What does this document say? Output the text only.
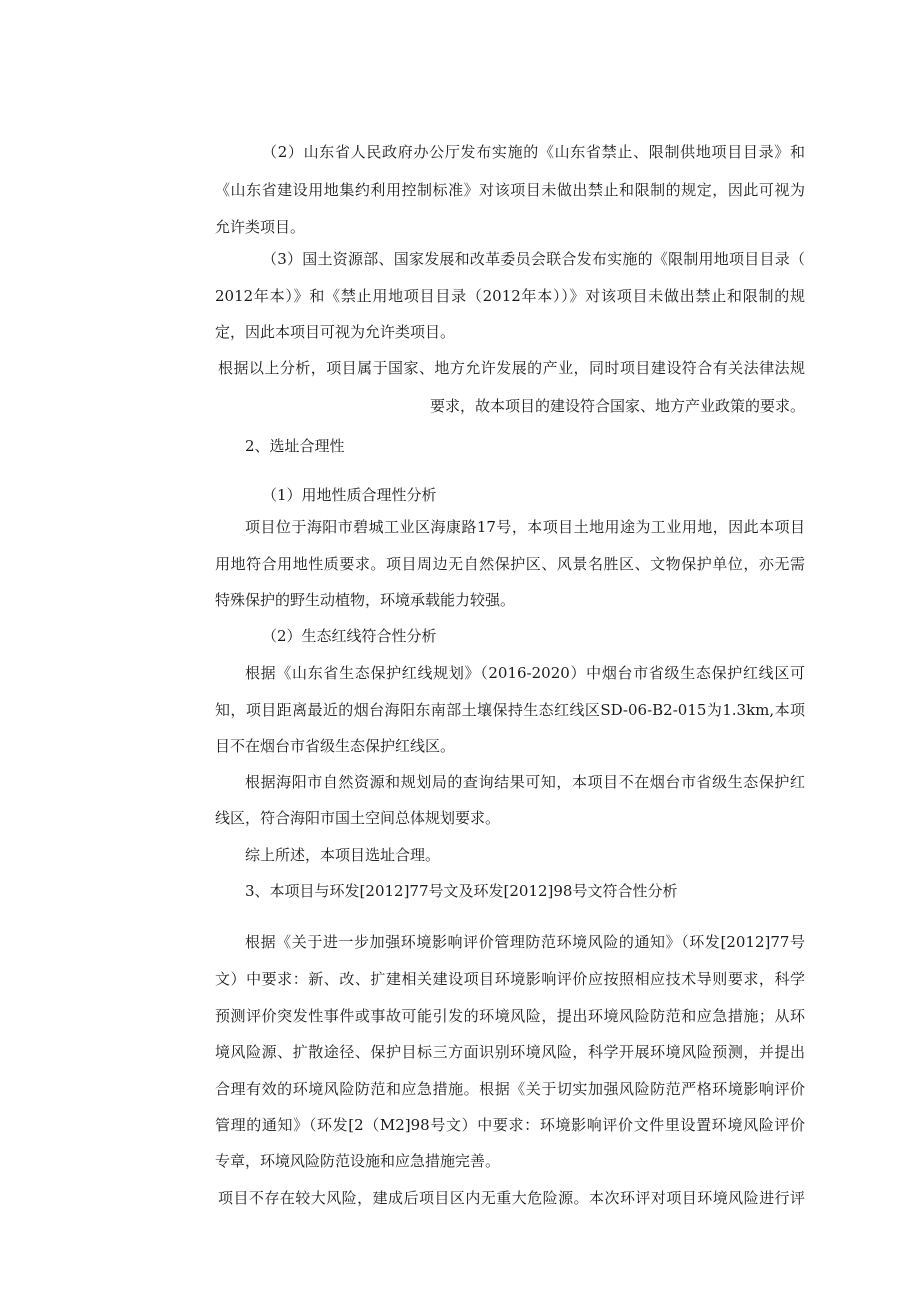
（2）山东省人民政府办公厅发布实施的《山东省禁止、限制供地项目目录》和
《山东省建设用地集约利用控制标准》对该项目未做出禁止和限制的规定，因此可视为
允许类项目。
（3）国土资源部、国家发展和改革委员会联合发布实施的《限制用地项目目录（
2012年本）》和《禁止用地项目目录（2012年本））》对该项目未做出禁止和限制的规
定，因此本项目可视为允许类项目。
根据以上分析，项目属于国家、地方允许发展的产业，同时项目建设符合有关法律法规
要求，故本项目的建设符合国家、地方产业政策的要求。
2、选址合理性
（1）用地性质合理性分析
项目位于海阳市碧城工业区海康路17号，本项目土地用途为工业用地，因此本项目
用地符合用地性质要求。项目周边无自然保护区、风景名胜区、文物保护单位，亦无需
特殊保护的野生动植物，环境承载能力较强。
（2）生态红线符合性分析
根据《山东省生态保护红线规划》（2016-2020）中烟台市省级生态保护红线区可
知，项目距离最近的烟台海阳东南部土壤保持生态红线区SD-06-B2-015为1.3km,本项
目不在烟台市省级生态保护红线区。
根据海阳市自然资源和规划局的查询结果可知，本项目不在烟台市省级生态保护红
线区，符合海阳市国土空间总体规划要求。
综上所述，本项目选址合理。
3、本项目与环发[2012]77号文及环发[2012]98号文符合性分析
根据《关于进一步加强环境影响评价管理防范环境风险的通知》（环发[2012]77号
文）中要求：新、改、扩建相关建设项目环境影响评价应按照相应技术导则要求，科学
预测评价突发性事件或事故可能引发的环境风险，提出环境风险防范和应急措施；从环
境风险源、扩散途径、保护目标三方面识别环境风险，科学开展环境风险预测，并提出
合理有效的环境风险防范和应急措施。根据《关于切实加强风险防范严格环境影响评价
管理的通知》（环发[2（M2]98号文）中要求：环境影响评价文件里设置环境风险评价
专章，环境风险防范设施和应急措施完善。
项目不存在较大风险，建成后项目区内无重大危险源。本次环评对项目环境风险进行评
